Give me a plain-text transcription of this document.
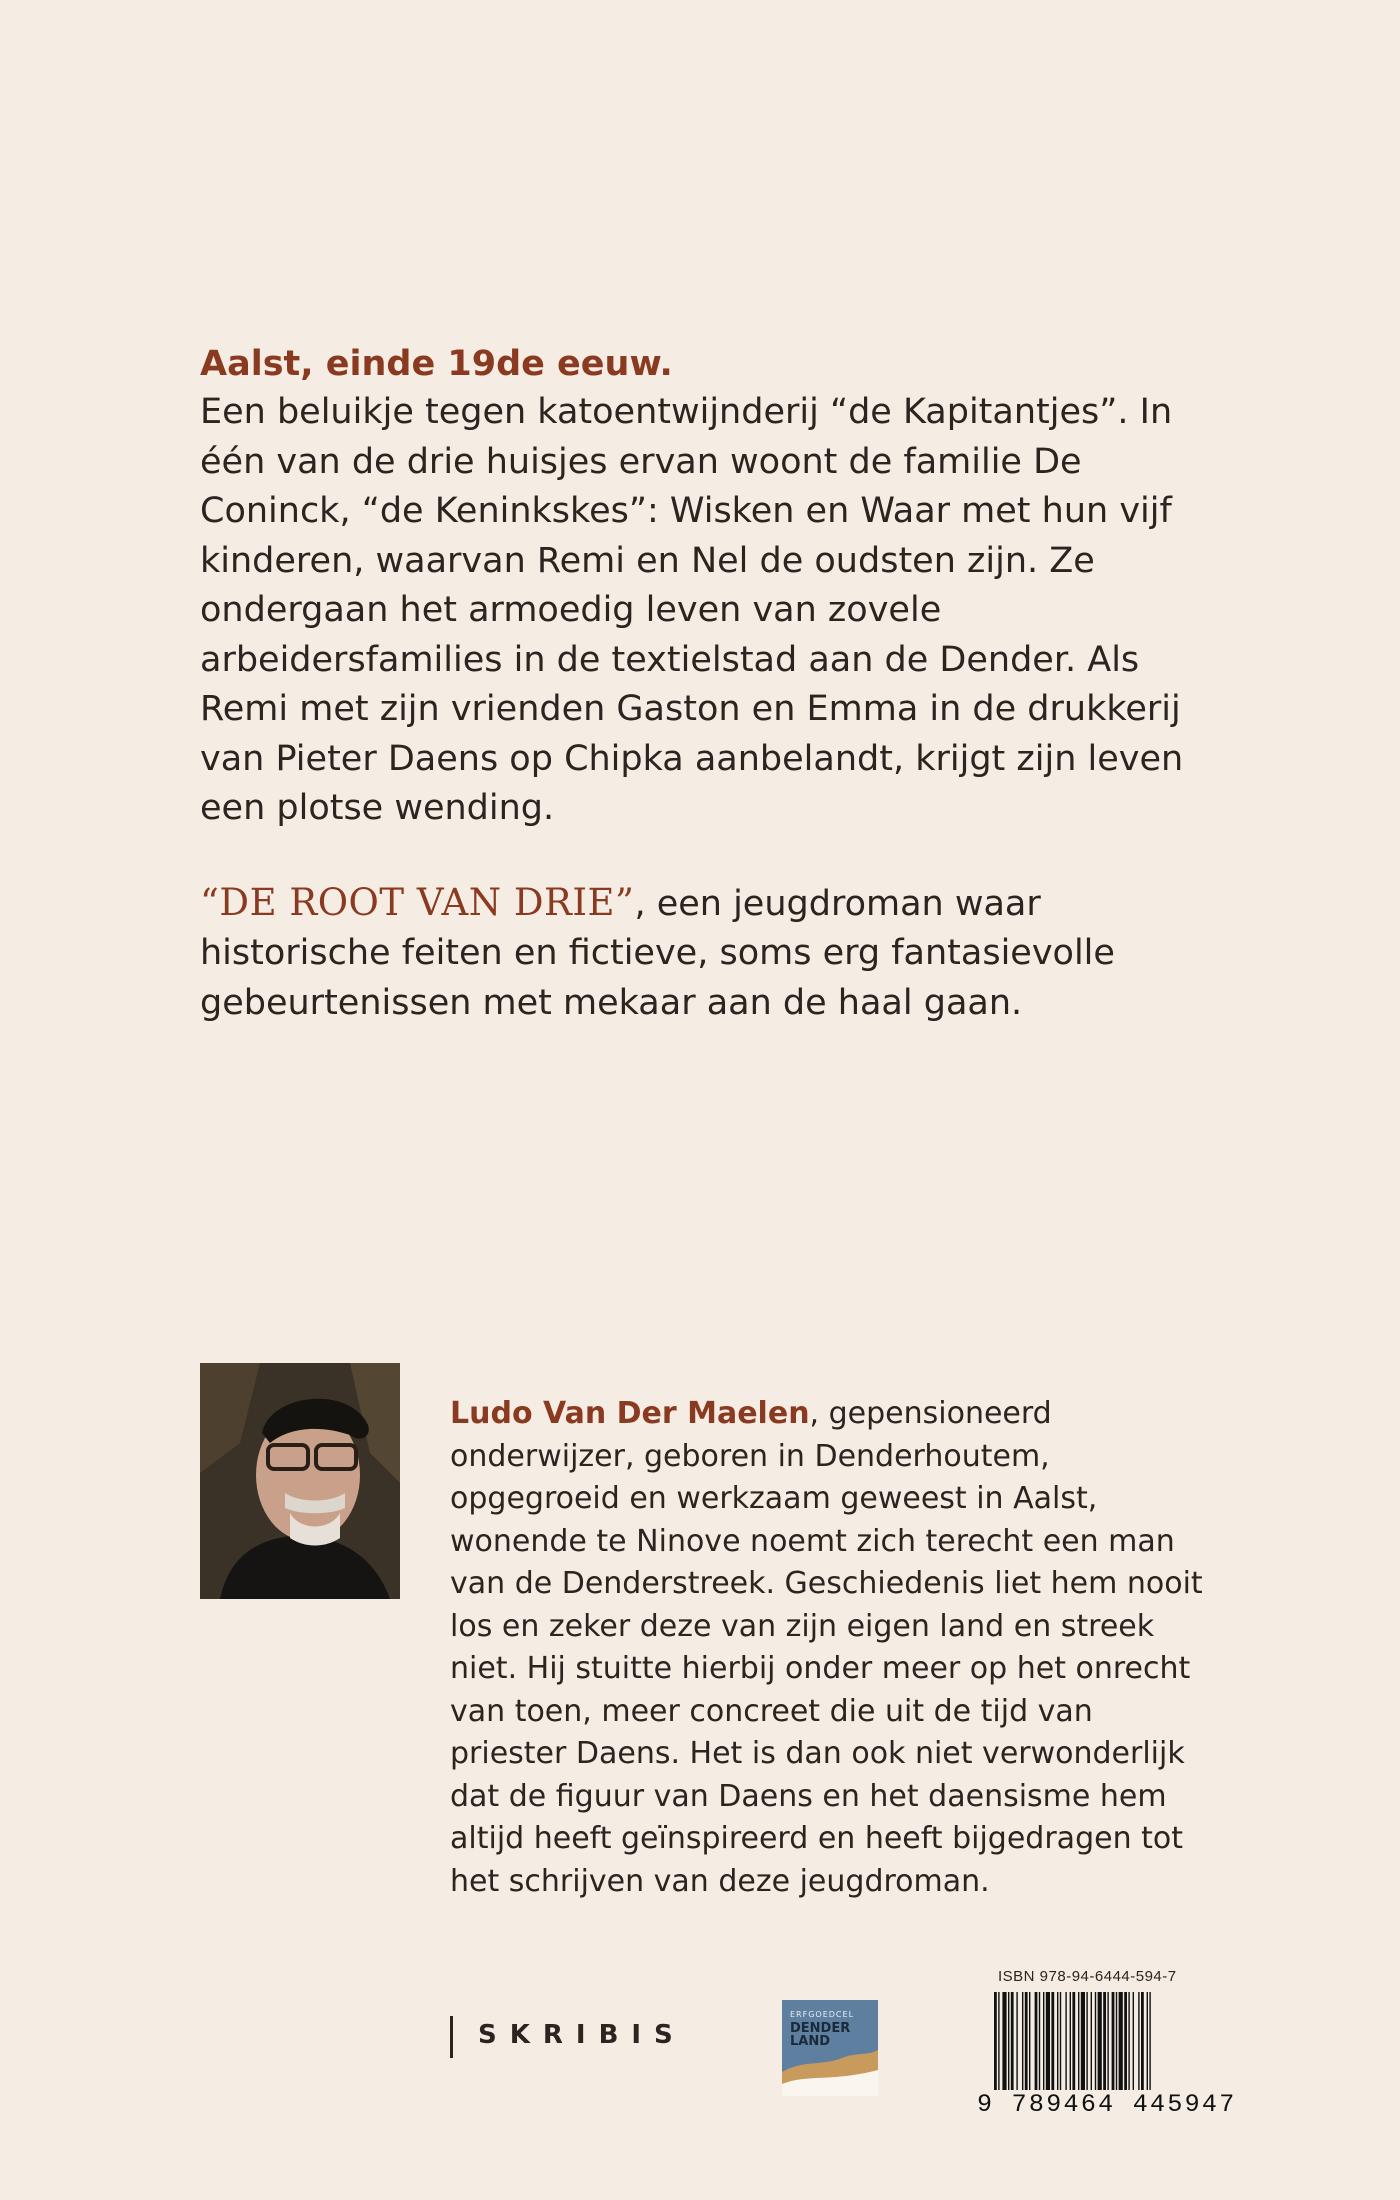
Aalst, einde 19de eeuw.

Een beluikje tegen katoentwijnderij “de Kapitantjes”. In één van de drie huisjes ervan woont de familie De Coninck, “de Keninkskes”: Wisken en Waar met hun vijf kinderen, waarvan Remi en Nel de oudsten zijn. Ze ondergaan het armoedig leven van zovele arbeidersfamilies in de textielstad aan de Dender. Als Remi met zijn vrienden Gaston en Emma in de drukkerij van Pieter Daens op Chipka aanbelandt, krijgt zijn leven een plotse wending.

“DE ROOT VAN DRIE”, een jeugdroman waar historische feiten en fictieve, soms erg fantasievolle gebeurtenissen met mekaar aan de haal gaan.

Ludo Van Der Maelen, gepensioneerd onderwijzer, geboren in Denderhoutem, opgegroeid en werkzaam geweest in Aalst, wonende te Ninove noemt zich terecht een man van de Denderstreek. Geschiedenis liet hem nooit los en zeker deze van zijn eigen land en streek niet. Hij stuitte hierbij onder meer op het onrecht van toen, meer concreet die uit de tijd van priester Daens. Het is dan ook niet verwonderlijk dat de figuur van Daens en het daensisme hem altijd heeft geïnspireerd en heeft bijgedragen tot het schrijven van deze jeugdroman.

SKRIBIS
ERFGOEDCEL
DENDER LAND
ISBN 978-94-6444-594-7
9 789464 445947
